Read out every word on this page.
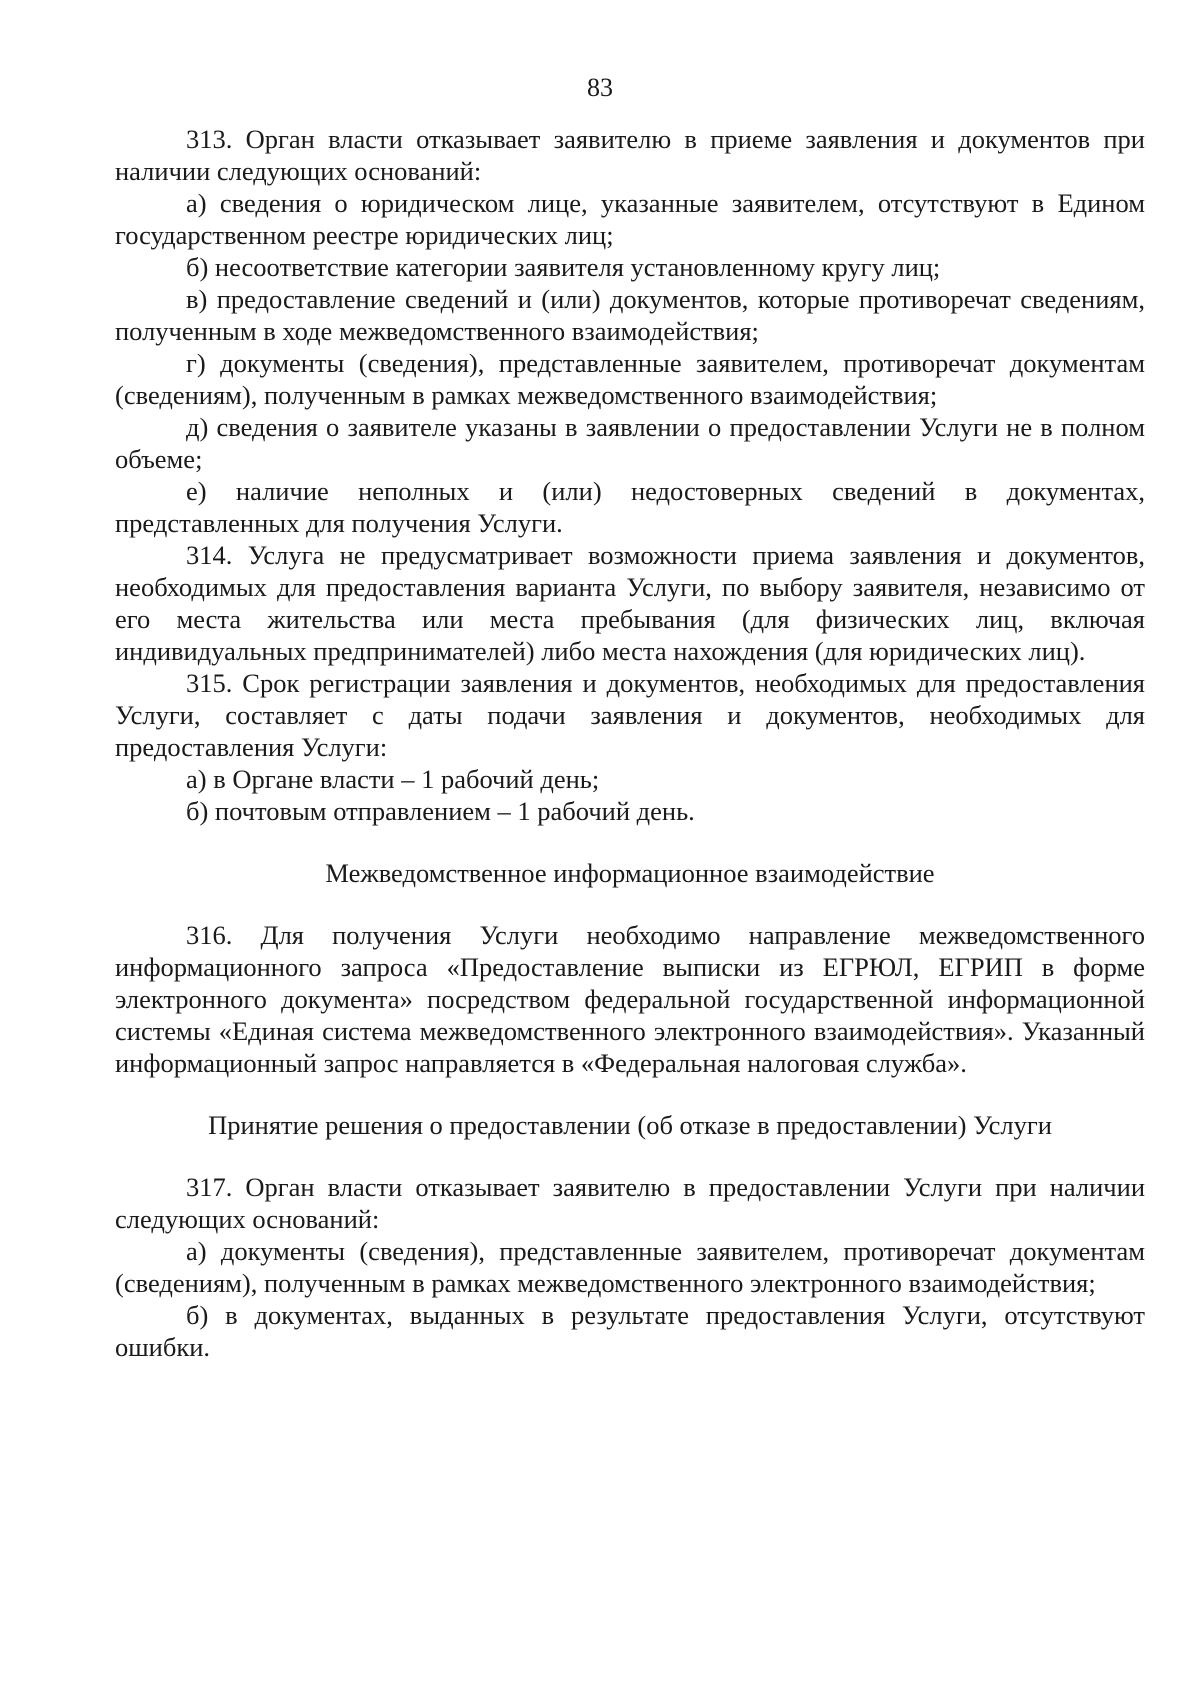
83

313. Орган власти отказывает заявителю в приеме заявления и документов при наличии следующих оснований:

а) сведения о юридическом лице, указанные заявителем, отсутствуют в Едином государственном реестре юридических лиц;

б) несоответствие категории заявителя установленному кругу лиц;

в) предоставление сведений и (или) документов, которые противоречат сведениям, полученным в ходе межведомственного взаимодействия;

г) документы (сведения), представленные заявителем, противоречат документам (сведениям), полученным в рамках межведомственного взаимодействия;

д) сведения о заявителе указаны в заявлении о предоставлении Услуги не в полном объеме;

е) наличие неполных и (или) недостоверных сведений в документах, представленных для получения Услуги.

314. Услуга не предусматривает возможности приема заявления и документов, необходимых для предоставления варианта Услуги, по выбору заявителя, независимо от его места жительства или места пребывания (для физических лиц, включая индивидуальных предпринимателей) либо места нахождения (для юридических лиц).

315. Срок регистрации заявления и документов, необходимых для предоставления Услуги, составляет с даты подачи заявления и документов, необходимых для предоставления Услуги:

а) в Органе власти – 1 рабочий день;

б) почтовым отправлением – 1 рабочий день.

Межведомственное информационное взаимодействие

316. Для получения Услуги необходимо направление межведомственного информационного запроса «Предоставление выписки из ЕГРЮЛ, ЕГРИП в форме электронного документа» посредством федеральной государственной информационной системы «Единая система межведомственного электронного взаимодействия». Указанный информационный запрос направляется в «Федеральная налоговая служба».

Принятие решения о предоставлении (об отказе в предоставлении) Услуги

317. Орган власти отказывает заявителю в предоставлении Услуги при наличии следующих оснований:

а) документы (сведения), представленные заявителем, противоречат документам (сведениям), полученным в рамках межведомственного электронного взаимодействия;

б) в документах, выданных в результате предоставления Услуги, отсутствуют ошибки.
